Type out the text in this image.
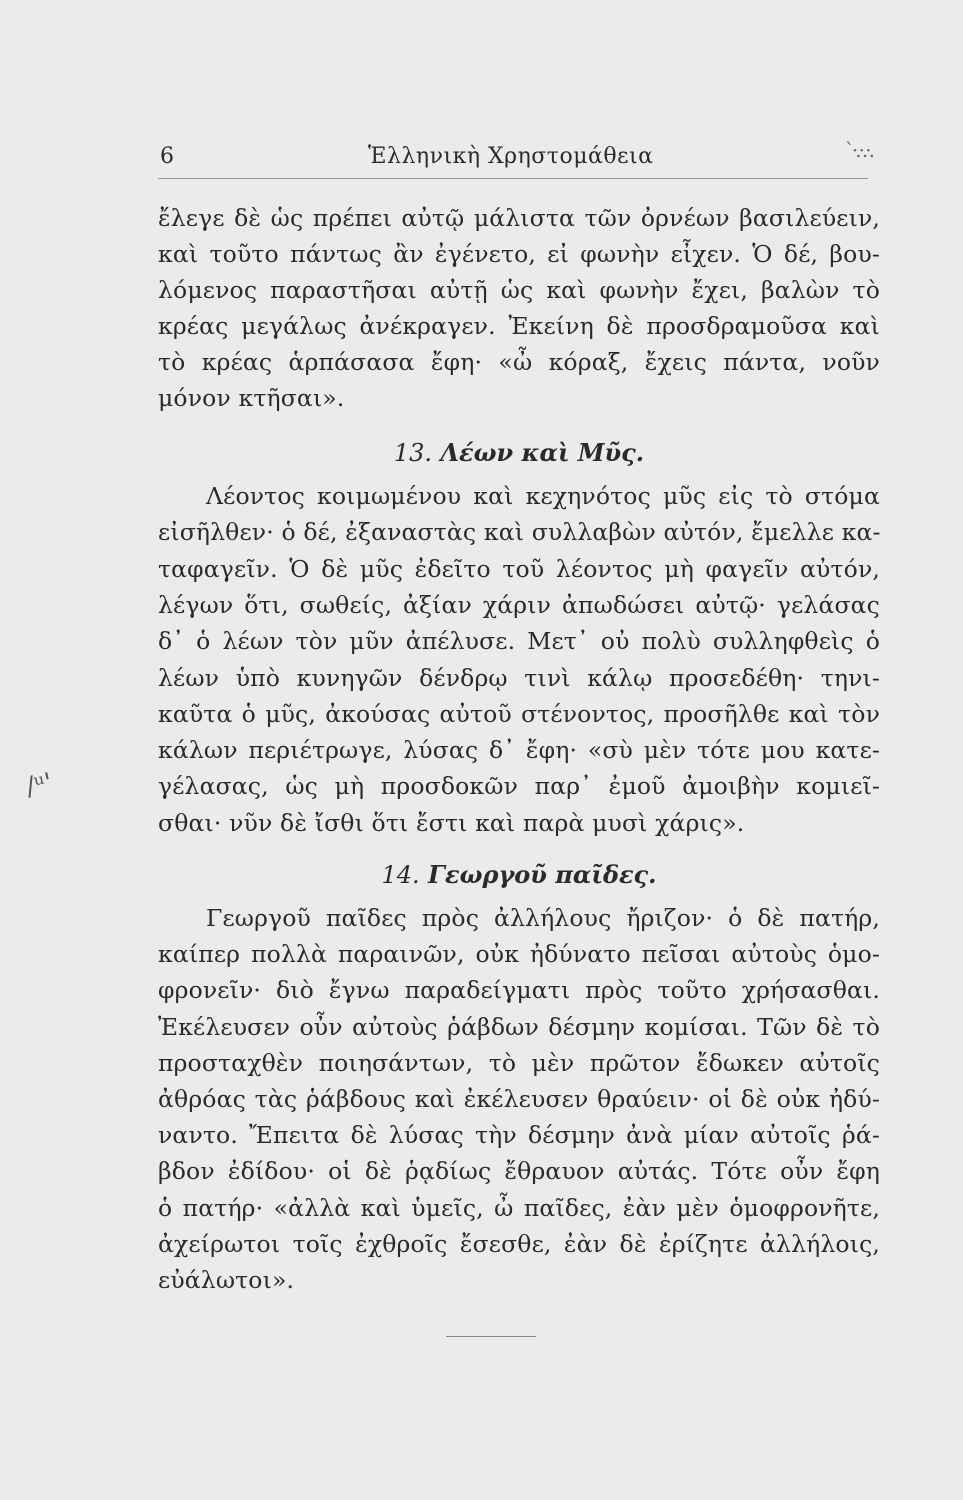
6	Ἑλληνικὴ Χρηστομάθεια	`·.·.·.

ἔλεγε δὲ ὡς πρέπει αὐτῷ μάλιστα τῶν ὀρνέων βασιλεύειν,

καὶ τοῦτο πάντως ἂν ἐγένετο, εἰ φωνὴν εἶχεν. Ὁ δέ, βου-

λόμενος παραστῆσαι αὐτῇ ὡς καὶ φωνὴν ἔχει, βαλὼν τὸ

κρέας μεγάλως ἀνέκραγεν. Ἐκείνη δὲ προσδραμοῦσα καὶ

τὸ κρέας ἁρπάσασα ἔφη· «ὦ κόραξ, ἔχεις πάντα, νοῦν

μόνον κτῆσαι».

13. Λέων καὶ Μῦς.

Λέοντος κοιμωμένου καὶ κεχηνότος μῦς εἰς τὸ στόμα

εἰσῆλθεν· ὁ δέ, ἐξαναστὰς καὶ συλλαβὼν αὐτόν, ἔμελλε κα-

ταφαγεῖν. Ὁ δὲ μῦς ἐδεῖτο τοῦ λέοντος μὴ φαγεῖν αὐτόν,

λέγων ὅτι, σωθείς, ἀξίαν χάριν ἀπωδώσει αὐτῷ· γελάσας

δ᾽ ὁ λέων τὸν μῦν ἀπέλυσε. Μετ᾽ οὐ πολὺ συλληφθεὶς ὁ

λέων ὑπὸ κυνηγῶν δένδρῳ τινὶ κάλῳ προσεδέθη· τηνι-

καῦτα ὁ μῦς, ἀκούσας αὐτοῦ στένοντος, προσῆλθε καὶ τὸν

κάλων περιέτρωγε, λύσας δ᾽ ἔφη· «σὺ μὲν τότε μου κατε-

γέλασας, ὡς μὴ προσδοκῶν παρ᾽ ἐμοῦ ἀμοιβὴν κομιεῖ-

σθαι· νῦν δὲ ἴσθι ὅτι ἔστι καὶ παρὰ μυσὶ χάρις».

14. Γεωργοῦ παῖδες.

Γεωργοῦ παῖδες πρὸς ἀλλήλους ἤριζον· ὁ δὲ πατήρ,

καίπερ πολλὰ παραινῶν, οὐκ ἠδύνατο πεῖσαι αὐτοὺς ὁμο-

φρονεῖν· διὸ ἔγνω παραδείγματι πρὸς τοῦτο χρήσασθαι.

Ἐκέλευσεν οὖν αὐτοὺς ῥάβδων δέσμην κομίσαι. Τῶν δὲ τὸ

προσταχθὲν ποιησάντων, τὸ μὲν πρῶτον ἔδωκεν αὐτοῖς

ἀθρόας τὰς ῥάβδους καὶ ἐκέλευσεν θραύειν· οἱ δὲ οὐκ ἠδύ-

ναντο. Ἔπειτα δὲ λύσας τὴν δέσμην ἀνὰ μίαν αὐτοῖς ῥά-

βδον ἐδίδου· οἱ δὲ ῥᾳδίως ἔθραυον αὐτάς. Τότε οὖν ἔφη

ὁ πατήρ· «ἀλλὰ καὶ ὑμεῖς, ὦ παῖδες, ἐὰν μὲν ὁμοφρονῆτε,

ἀχείρωτοι τοῖς ἐχθροῖς ἔσεσθε, ἐὰν δὲ ἐρίζητε ἀλλήλοις,

εὐάλωτοι».

/ᵘ'
